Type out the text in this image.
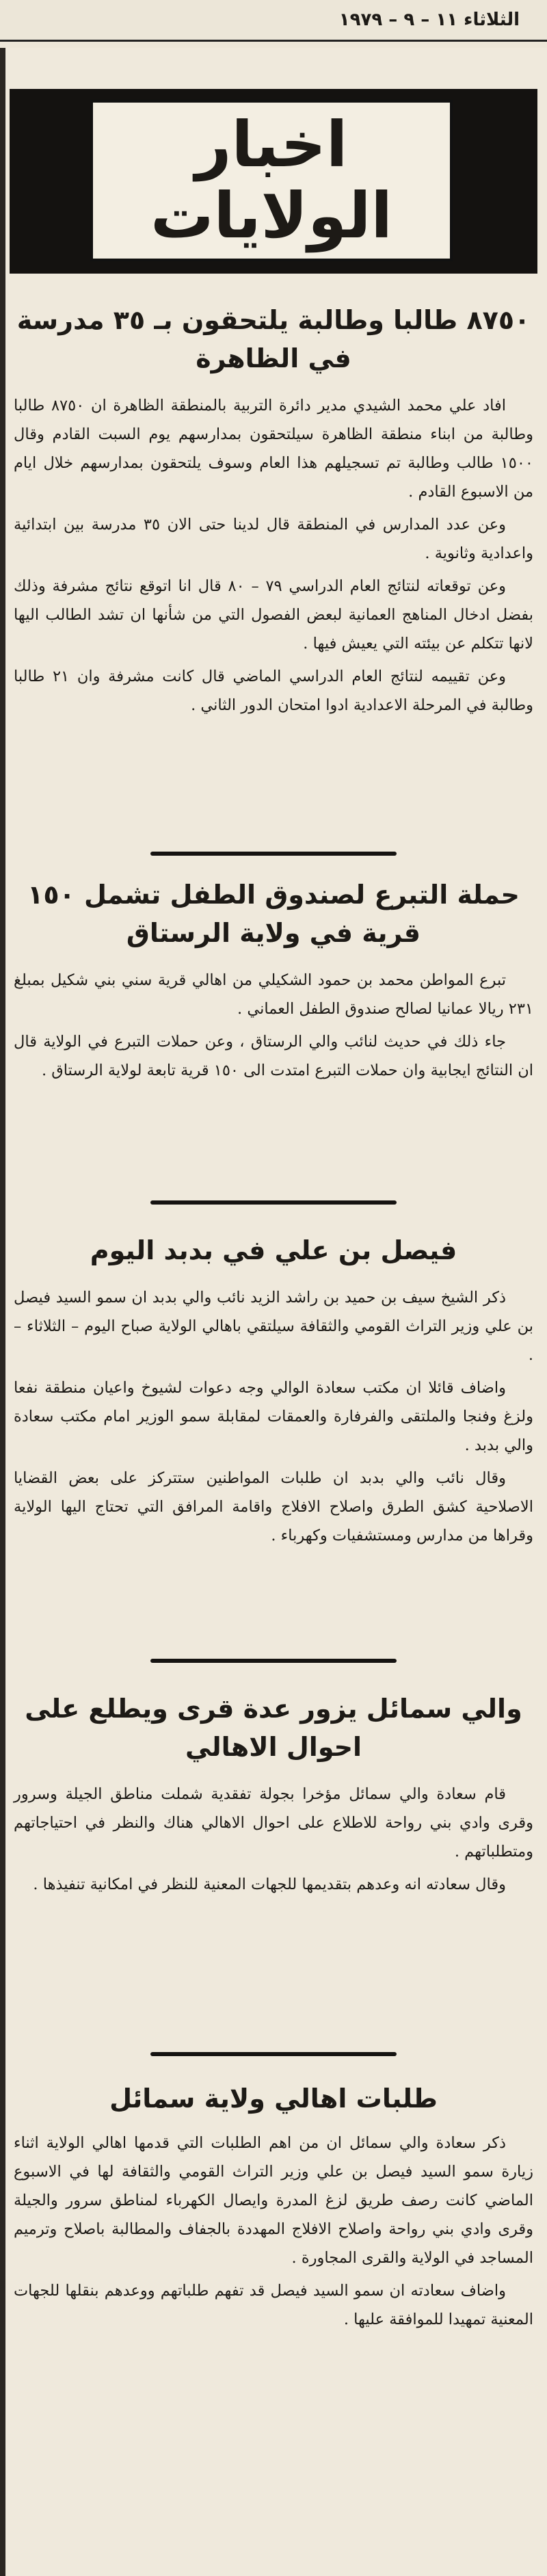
الثلاثاء ١١ – ٩ – ١٩٧٩
اخبار
الولايات
٨٧٥٠ طالبا وطالبة يلتحقون بـ ٣٥ مدرسة في الظاهرة

افاد علي محمد الشيدي مدير دائرة التربية بالمنطقة الظاهرة ان ٨٧٥٠ طالبا وطالبة من ابناء منطقة الظاهرة سيلتحقون بمدارسهم يوم السبت القادم وقال ١٥٠٠ طالب وطالبة تم تسجيلهم هذا العام وسوف يلتحقون بمدارسهم خلال ايام من الاسبوع القادم .

وعن عدد المدارس في المنطقة قال لدينا حتى الان ٣٥ مدرسة بين ابتدائية واعدادية وثانوية .

وعن توقعاته لنتائج العام الدراسي ٧٩ – ٨٠ قال انا اتوقع نتائج مشرفة وذلك بفضل ادخال المناهج العمانية لبعض الفصول التي من شأنها ان تشد الطالب اليها لانها تتكلم عن بيئته التي يعيش فيها .

وعن تقييمه لنتائج العام الدراسي الماضي قال كانت مشرفة وان ٢١ طالبا وطالبة في المرحلة الاعدادية ادوا امتحان الدور الثاني .

حملة التبرع لصندوق الطفل تشمل ١٥٠ قرية في ولاية الرستاق

تبرع المواطن محمد بن حمود الشكيلي من اهالي قرية سني بني شكيل بمبلغ ٢٣١ ريالا عمانيا لصالح صندوق الطفل العماني .

جاء ذلك في حديث لنائب والي الرستاق ، وعن حملات التبرع في الولاية قال ان النتائج ايجابية وان حملات التبرع امتدت الى ١٥٠ قرية تابعة لولاية الرستاق .

فيصل بن علي في بدبد اليوم

ذكر الشيخ سيف بن حميد بن راشد الزيد نائب والي بدبد ان سمو السيد فيصل بن علي وزير التراث القومي والثقافة سيلتقي باهالي الولاية صباح اليوم – الثلاثاء – .

واضاف قائلا ان مكتب سعادة الوالي وجه دعوات لشيوخ واعيان منطقة نفعا ولزغ وفنجا والملتقى والفرفارة والعمقات لمقابلة سمو الوزير امام مكتب سعادة والي بدبد .

وقال نائب والي بدبد ان طلبات المواطنين ستتركز على بعض القضايا الاصلاحية كشق الطرق واصلاح الافلاج واقامة المرافق التي تحتاج اليها الولاية وقراها من مدارس ومستشفيات وكهرباء .

والي سمائل يزور عدة قرى ويطلع على احوال الاهالي

قام سعادة والي سمائل مؤخرا بجولة تفقدية شملت مناطق الجيلة وسرور وقرى وادي بني رواحة للاطلاع على احوال الاهالي هناك والنظر في احتياجاتهم ومتطلباتهم .

وقال سعادته انه وعدهم بتقديمها للجهات المعنية للنظر في امكانية تنفيذها .

طلبات اهالي ولاية سمائل

ذكر سعادة والي سمائل ان من اهم الطلبات التي قدمها اهالي الولاية اثناء زيارة سمو السيد فيصل بن علي وزير التراث القومي والثقافة لها في الاسبوع الماضي كانت رصف طريق لزغ المدرة وايصال الكهرباء لمناطق سرور والجيلة وقرى وادي بني رواحة واصلاح الافلاج المهددة بالجفاف والمطالبة باصلاح وترميم المساجد في الولاية والقرى المجاورة .

واضاف سعادته ان سمو السيد فيصل قد تفهم طلباتهم ووعدهم بنقلها للجهات المعنية تمهيدا للموافقة عليها .
